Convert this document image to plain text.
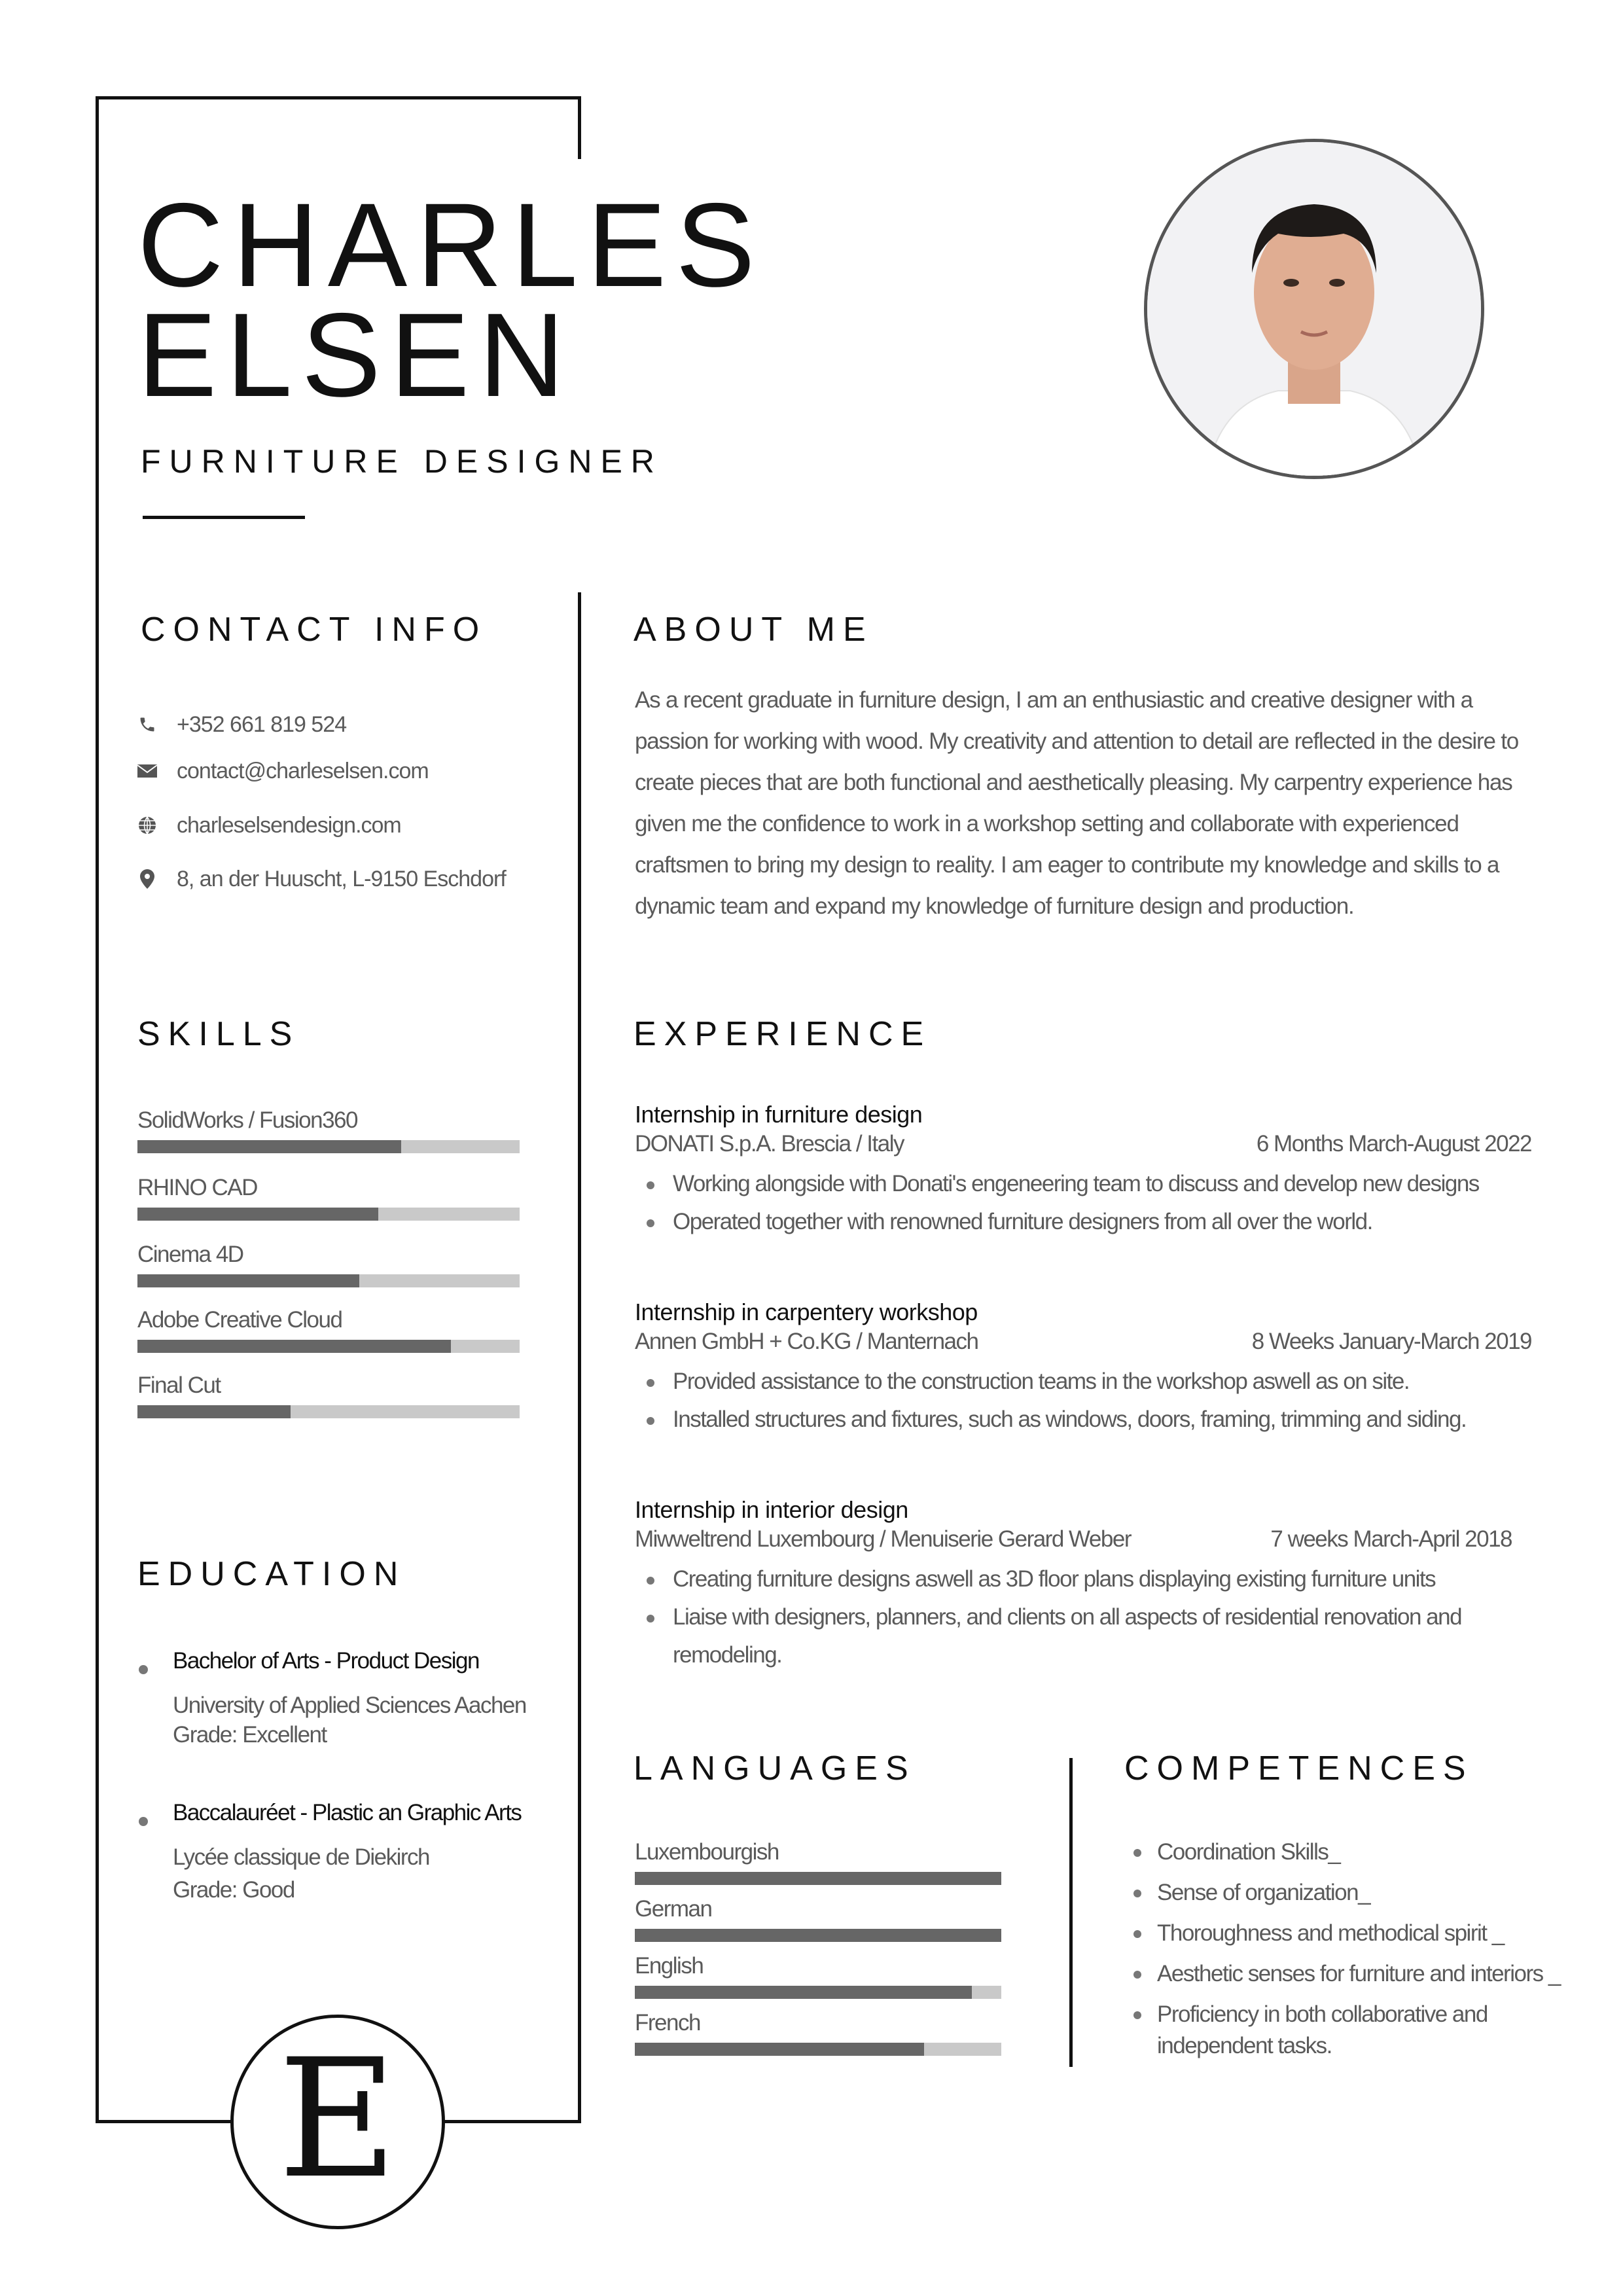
CHARLES
ELSEN
FURNITURE DESIGNER
CONTACT INFO
+352 661 819 524
contact@charleselsen.com
charleselsendesign.com
8, an der Huuscht, L-9150 Eschdorf
SKILLS
SolidWorks / Fusion360
RHINO CAD
Cinema 4D
Adobe Creative Cloud
Final Cut
EDUCATION
Bachelor of Arts - Product Design
University of Applied Sciences Aachen
Grade: Excellent
Baccalauréet - Plastic an Graphic Arts
Lycée classique de Diekirch
Grade: Good
ABOUT ME
As a recent graduate in furniture design, I am an enthusiastic and creative designer with a passion for working with wood. My creativity and attention to detail are reflected in the desire to create pieces that are both functional and aesthetically pleasing. My carpentry experience has given me the confidence to work in a workshop setting and collaborate with experienced craftsmen to bring my design to reality. I am eager to contribute my knowledge and skills to a dynamic team and expand my knowledge of furniture design and production.
EXPERIENCE
Internship in furniture design
DONATI S.p.A. Brescia / Italy	6 Months March-August 2022
Working alongside with Donati's engeneering team to discuss and develop new designs
Operated together with renowned furniture designers from all over the world.
Internship in carpentery workshop
Annen GmbH + Co.KG / Manternach	8 Weeks January-March 2019
Provided assistance to the construction teams in the workshop aswell as on site.
Installed structures and fixtures, such as windows, doors, framing, trimming and siding.
Internship in interior design
Miwweltrend Luxembourg / Menuiserie Gerard Weber	7 weeks March-April 2018
Creating furniture designs aswell as 3D floor plans displaying existing furniture units
Liaise with designers, planners, and clients on all aspects of residential renovation and remodeling.
LANGUAGES
Luxembourgish
German
English
French
COMPETENCES
Coordination Skills_
Sense of organization_
Thoroughness and methodical spirit _
Aesthetic senses for furniture and interiors _
Proficiency in both collaborative and independent tasks.
E
